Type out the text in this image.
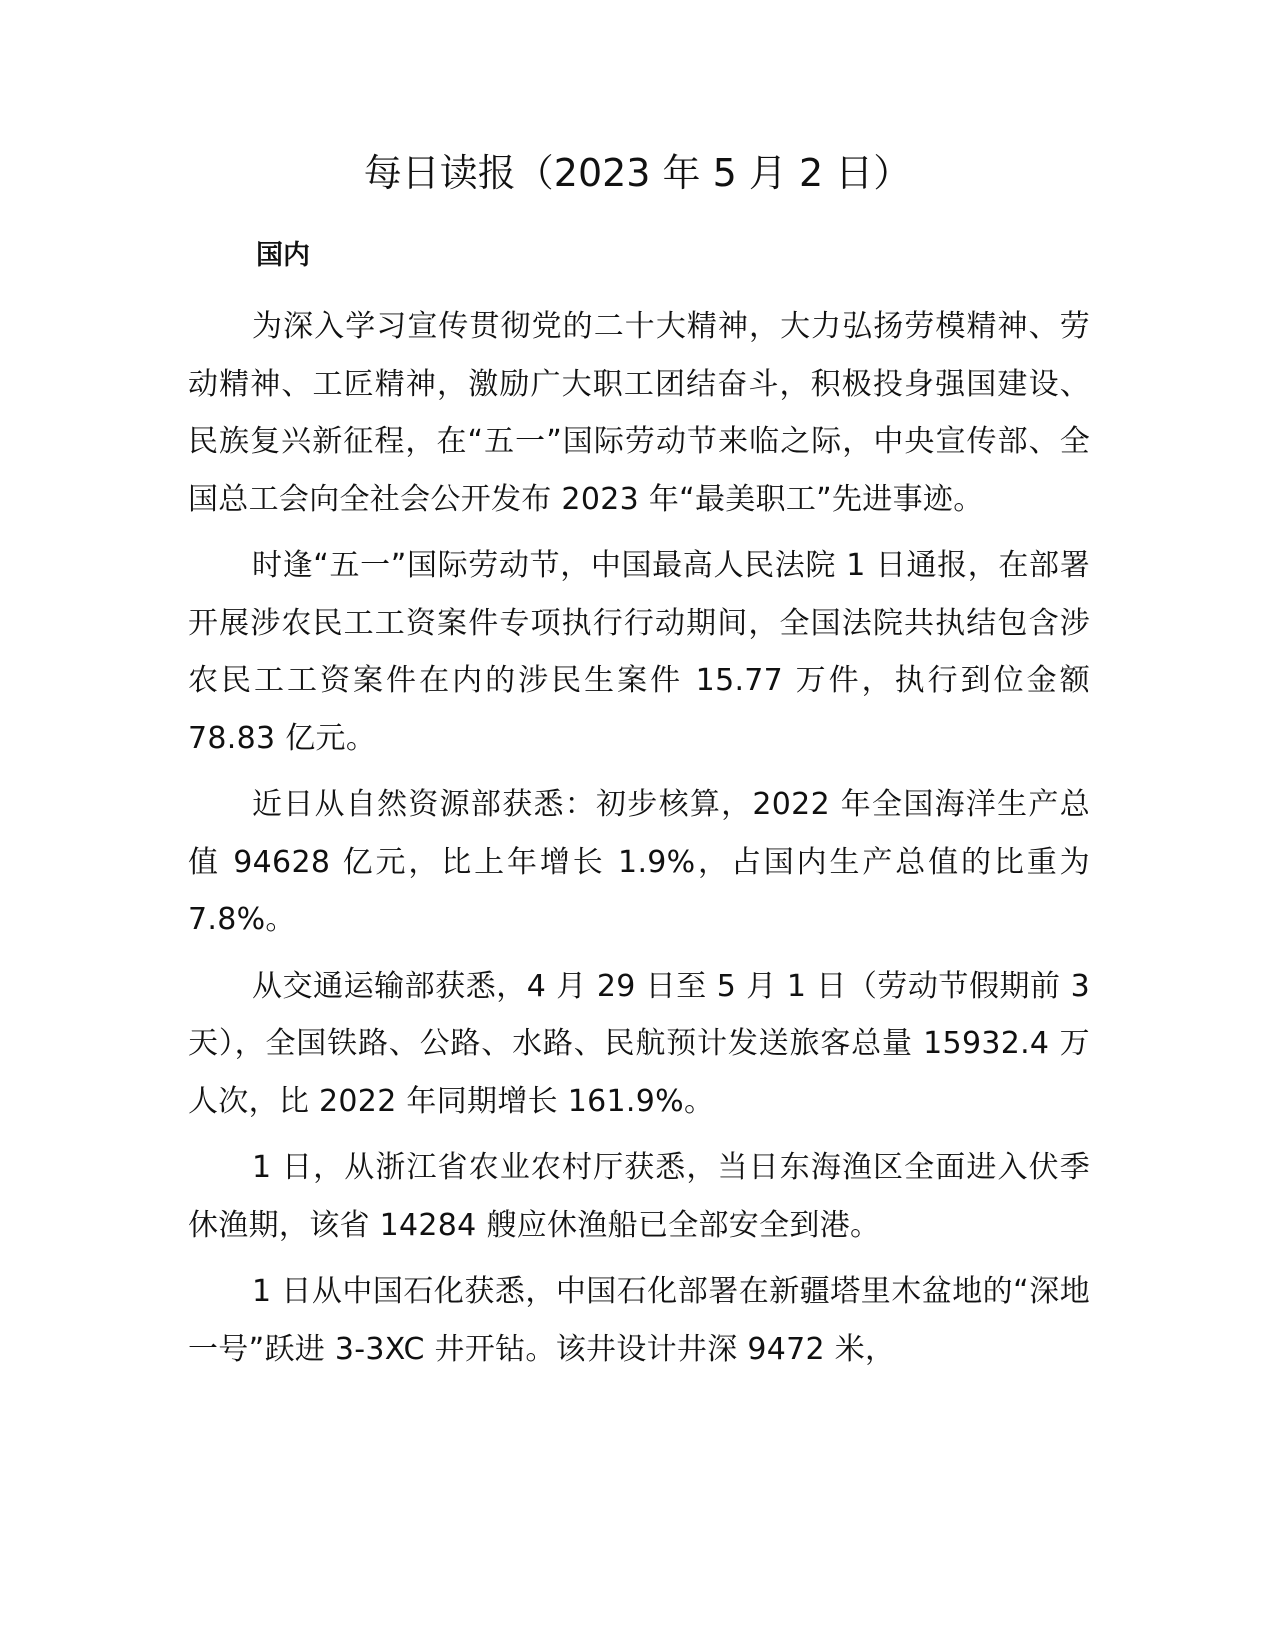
每日读报（2023 年 5 月 2 日）
国内

为深入学习宣传贯彻党的二十大精神，大力弘扬劳模精神、劳动精神、工匠精神，激励广大职工团结奋斗，积极投身强国建设、民族复兴新征程，在“五一”国际劳动节来临之际，中央宣传部、全国总工会向全社会公开发布 2023 年“最美职工”先进事迹。

时逢“五一”国际劳动节，中国最高人民法院 1 日通报，在部署开展涉农民工工资案件专项执行行动期间，全国法院共执结包含涉农民工工资案件在内的涉民生案件 15.77 万件，执行到位金额 78.83 亿元。

近日从自然资源部获悉：初步核算，2022 年全国海洋生产总值 94628 亿元，比上年增长 1.9%，占国内生产总值的比重为 7.8%。

从交通运输部获悉，4 月 29 日至 5 月 1 日（劳动节假期前 3 天），全国铁路、公路、水路、民航预计发送旅客总量 15932.4 万人次，比 2022 年同期增长 161.9%。

1 日，从浙江省农业农村厅获悉，当日东海渔区全面进入伏季休渔期，该省 14284 艘应休渔船已全部安全到港。

1 日从中国石化获悉，中国石化部署在新疆塔里木盆地的“深地一号”跃进 3-3XC 井开钻。该井设计井深 9472 米，
